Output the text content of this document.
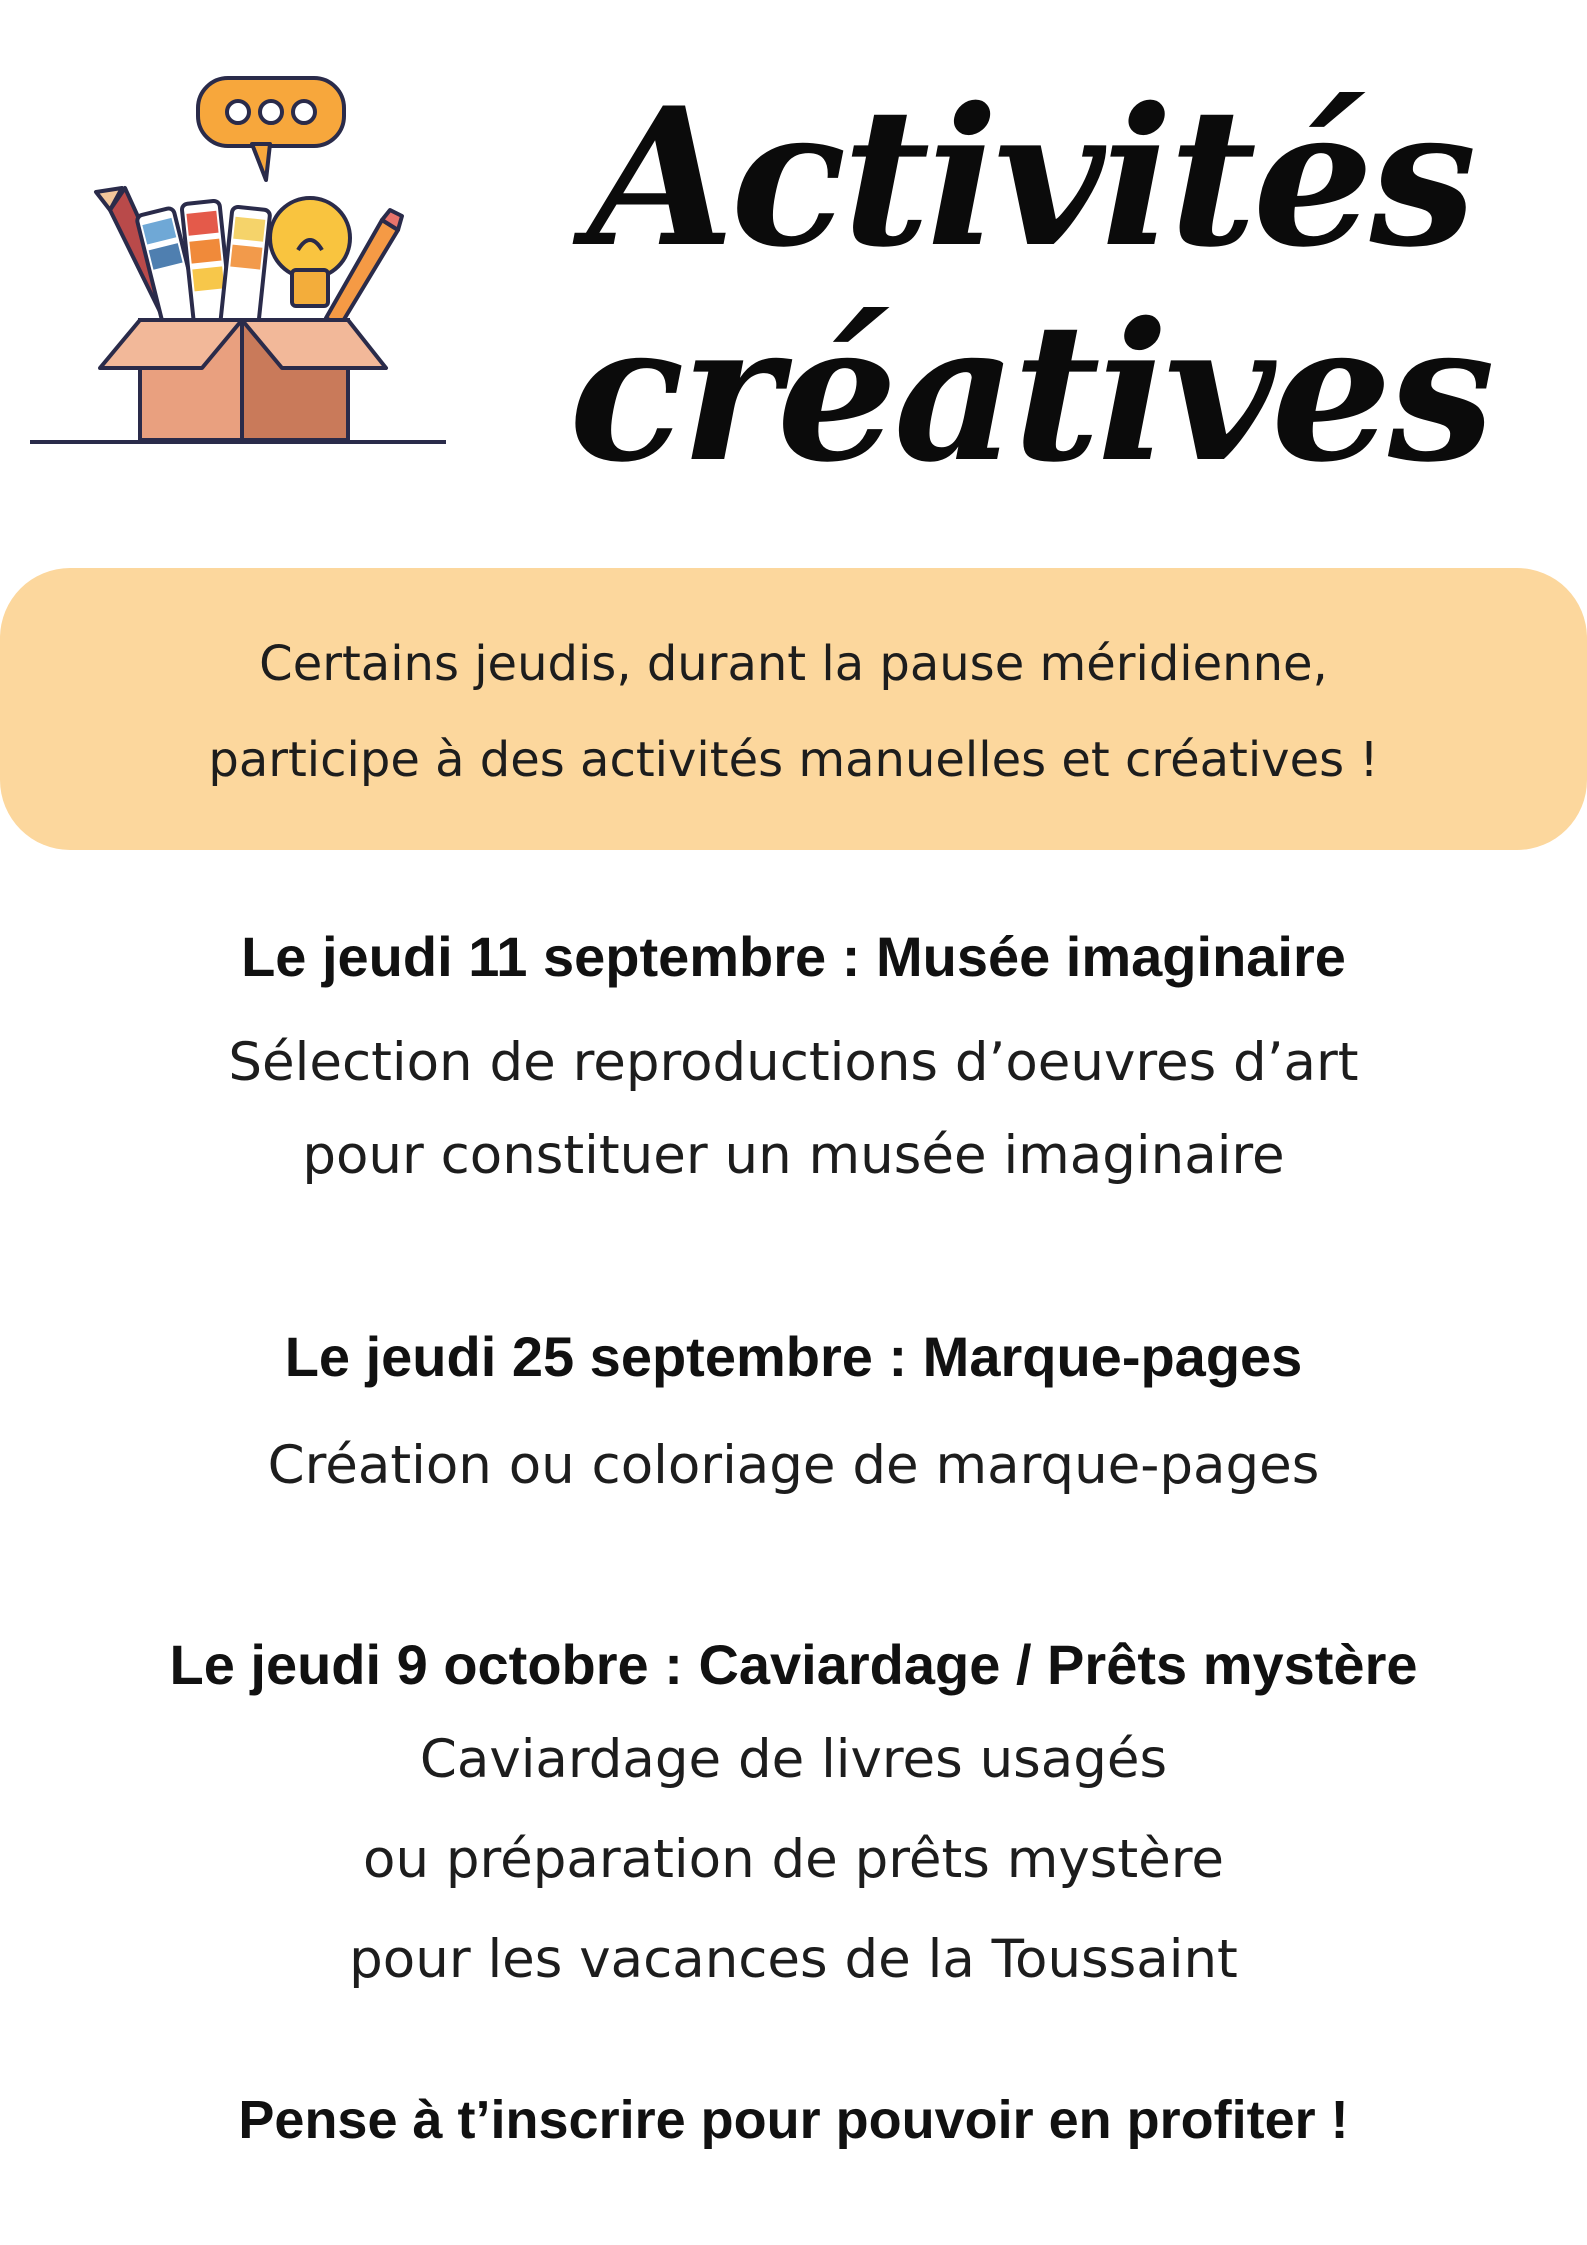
Activités
créatives
Certains jeudis, durant la pause méridienne,
participe à des activités manuelles et créatives !

Le jeudi 11 septembre : Musée imaginaire

Sélection de reproductions d’oeuvres d’art
pour constituer un musée imaginaire

Le jeudi 25 septembre : Marque-pages

Création ou coloriage de marque-pages

Le jeudi 9 octobre : Caviardage / Prêts mystère

Caviardage de livres usagés
ou préparation de prêts mystère
pour les vacances de la Toussaint

Pense à t’inscrire pour pouvoir en profiter !
